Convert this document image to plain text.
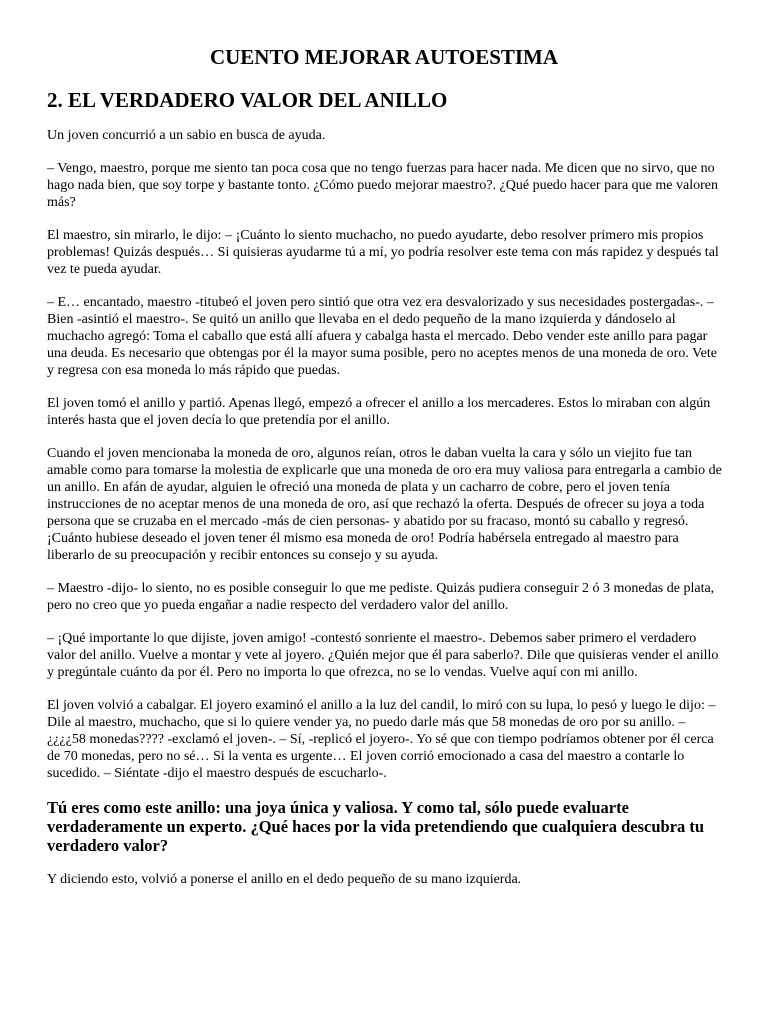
CUENTO MEJORAR AUTOESTIMA
2. EL VERDADERO VALOR DEL ANILLO

Un joven concurrió a un sabio en busca de ayuda.

– Vengo, maestro, porque me siento tan poca cosa que no tengo fuerzas para hacer nada. Me dicen que no sirvo, que no hago nada bien, que soy torpe y bastante tonto. ¿Cómo puedo mejorar maestro?. ¿Qué puedo hacer para que me valoren más?

El maestro, sin mirarlo, le dijo: – ¡Cuánto lo siento muchacho, no puedo ayudarte, debo resolver primero mis propios problemas! Quizás después… Si quisieras ayudarme tú a mí, yo podría resolver este tema con más rapidez y después tal vez te pueda ayudar.

– E… encantado, maestro -titubeó el joven pero sintió que otra vez era desvalorizado y sus necesidades postergadas-. – Bien -asintió el maestro-. Se quitó un anillo que llevaba en el dedo pequeño de la mano izquierda y dándoselo al muchacho agregó: Toma el caballo que está allí afuera y cabalga hasta el mercado. Debo vender este anillo para pagar una deuda. Es necesario que obtengas por él la mayor suma posible, pero no aceptes menos de una moneda de oro. Vete y regresa con esa moneda lo más rápido que puedas.

El joven tomó el anillo y partió. Apenas llegó, empezó a ofrecer el anillo a los mercaderes. Estos lo miraban con algún interés hasta que el joven decía lo que pretendía por el anillo.

Cuando el joven mencionaba la moneda de oro, algunos reían, otros le daban vuelta la cara y sólo un viejito fue tan amable como para tomarse la molestia de explicarle que una moneda de oro era muy valiosa para entregarla a cambio de un anillo. En afán de ayudar, alguien le ofreció una moneda de plata y un cacharro de cobre, pero el joven tenía instrucciones de no aceptar menos de una moneda de oro, así que rechazó la oferta. Después de ofrecer su joya a toda persona que se cruzaba en el mercado -más de cien personas- y abatido por su fracaso, montó su caballo y regresó. ¡Cuánto hubiese deseado el joven tener él mismo esa moneda de oro! Podría habérsela entregado al maestro para liberarlo de su preocupación y recibir entonces su consejo y su ayuda.

– Maestro -dijo- lo siento, no es posible conseguir lo que me pediste. Quizás pudiera conseguir 2 ó 3 monedas de plata, pero no creo que yo pueda engañar a nadie respecto del verdadero valor del anillo.

– ¡Qué importante lo que dijiste, joven amigo! -contestó sonriente el maestro-. Debemos saber primero el verdadero valor del anillo. Vuelve a montar y vete al joyero. ¿Quién mejor que él para saberlo?. Dile que quisieras vender el anillo y pregúntale cuánto da por él. Pero no importa lo que ofrezca, no se lo vendas. Vuelve aquí con mi anillo.

El joven volvió a cabalgar. El joyero examinó el anillo a la luz del candil, lo miró con su lupa, lo pesó y luego le dijo: – Dile al maestro, muchacho, que si lo quiere vender ya, no puedo darle más que 58 monedas de oro por su anillo. – ¿¿¿¿58 monedas???? -exclamó el joven-. – Sí, -replicó el joyero-. Yo sé que con tiempo podríamos obtener por él cerca de 70 monedas, pero no sé… Si la venta es urgente… El joven corrió emocionado a casa del maestro a contarle lo sucedido. – Siéntate -dijo el maestro después de escucharlo-.

Tú eres como este anillo: una joya única y valiosa. Y como tal, sólo puede evaluarte verdaderamente un experto. ¿Qué haces por la vida pretendiendo que cualquiera descubra tu verdadero valor?

Y diciendo esto, volvió a ponerse el anillo en el dedo pequeño de su mano izquierda.
